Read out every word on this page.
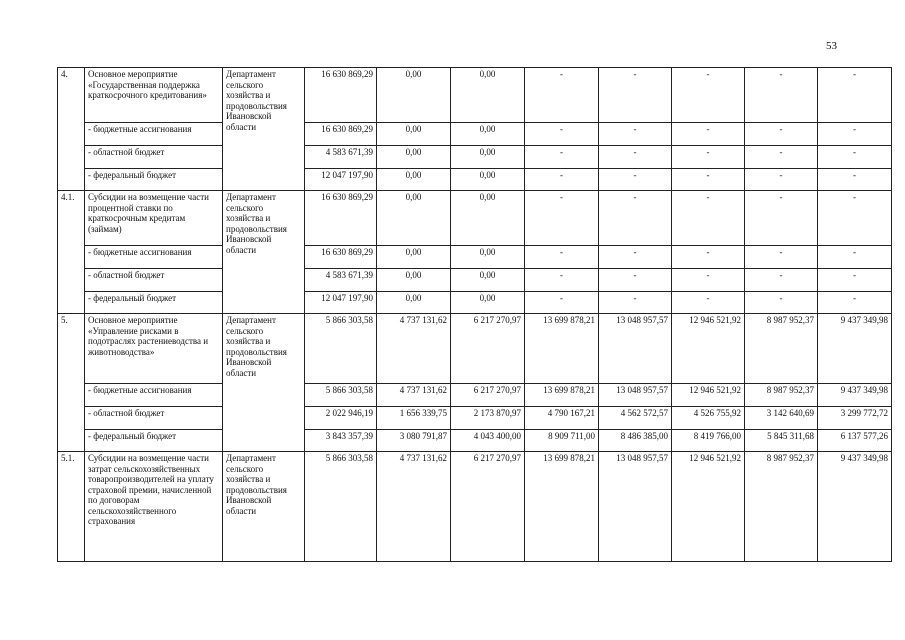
53
4.	Основное мероприятие «Государственная поддержка краткосрочного кредитования»	Департамент сельского хозяйства и продовольствия Ивановской области	16 630 869,29	0,00	0,00	-	-	-	-	-
	- бюджетные ассигнования		16 630 869,29	0,00	0,00	-	-	-	-	-
	- областной бюджет		4 583 671,39	0,00	0,00	-	-	-	-	-
	- федеральный бюджет		12 047 197,90	0,00	0,00	-	-	-	-	-
4.1.	Субсидии на возмещение части процентной ставки по краткосрочным кредитам (займам)	Департамент сельского хозяйства и продовольствия Ивановской области	16 630 869,29	0,00	0,00	-	-	-	-	-
	- бюджетные ассигнования		16 630 869,29	0,00	0,00	-	-	-	-	-
	- областной бюджет		4 583 671,39	0,00	0,00	-	-	-	-	-
	- федеральный бюджет		12 047 197,90	0,00	0,00	-	-	-	-	-
5.	Основное мероприятие «Управление рисками в подотраслях растениеводства и животноводства»	Департамент сельского хозяйства и продовольствия Ивановской области	5 866 303,58	4 737 131,62	6 217 270,97	13 699 878,21	13 048 957,57	12 946 521,92	8 987 952,37	9 437 349,98
	- бюджетные ассигнования		5 866 303,58	4 737 131,62	6 217 270,97	13 699 878,21	13 048 957,57	12 946 521,92	8 987 952,37	9 437 349,98
	- областной бюджет		2 022 946,19	1 656 339,75	2 173 870,97	4 790 167,21	4 562 572,57	4 526 755,92	3 142 640,69	3 299 772,72
	- федеральный бюджет		3 843 357,39	3 080 791,87	4 043 400,00	8 909 711,00	8 486 385,00	8 419 766,00	5 845 311,68	6 137 577,26
5.1.	Субсидии на возмещение части затрат сельскохозяйственных товаропроизводителей на уплату страховой премии, начисленной по договорам сельскохозяйственного страхования	Департамент сельского хозяйства и продовольствия Ивановской области	5 866 303,58	4 737 131,62	6 217 270,97	13 699 878,21	13 048 957,57	12 946 521,92	8 987 952,37	9 437 349,98
